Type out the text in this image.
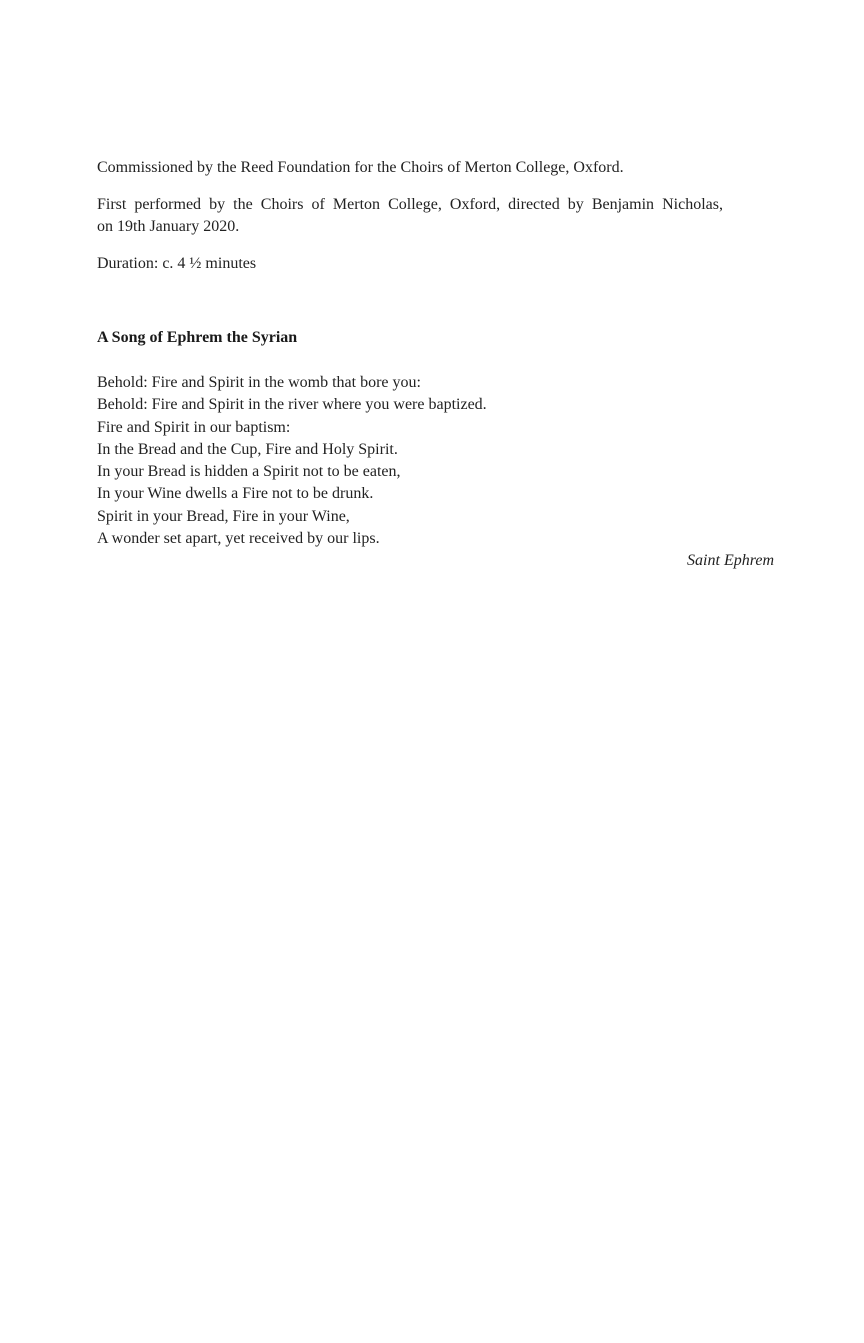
Commissioned by the Reed Foundation for the Choirs of Merton College, Oxford.
First performed by the Choirs of Merton College, Oxford, directed by Benjamin Nicholas,
on 19th January 2020.
Duration: c. 4 ½ minutes
A Song of Ephrem the Syrian
Behold: Fire and Spirit in the womb that bore you:
Behold: Fire and Spirit in the river where you were baptized.
Fire and Spirit in our baptism:
In the Bread and the Cup, Fire and Holy Spirit.
In your Bread is hidden a Spirit not to be eaten,
In your Wine dwells a Fire not to be drunk.
Spirit in your Bread, Fire in your Wine,
A wonder set apart, yet received by our lips.
Saint Ephrem
